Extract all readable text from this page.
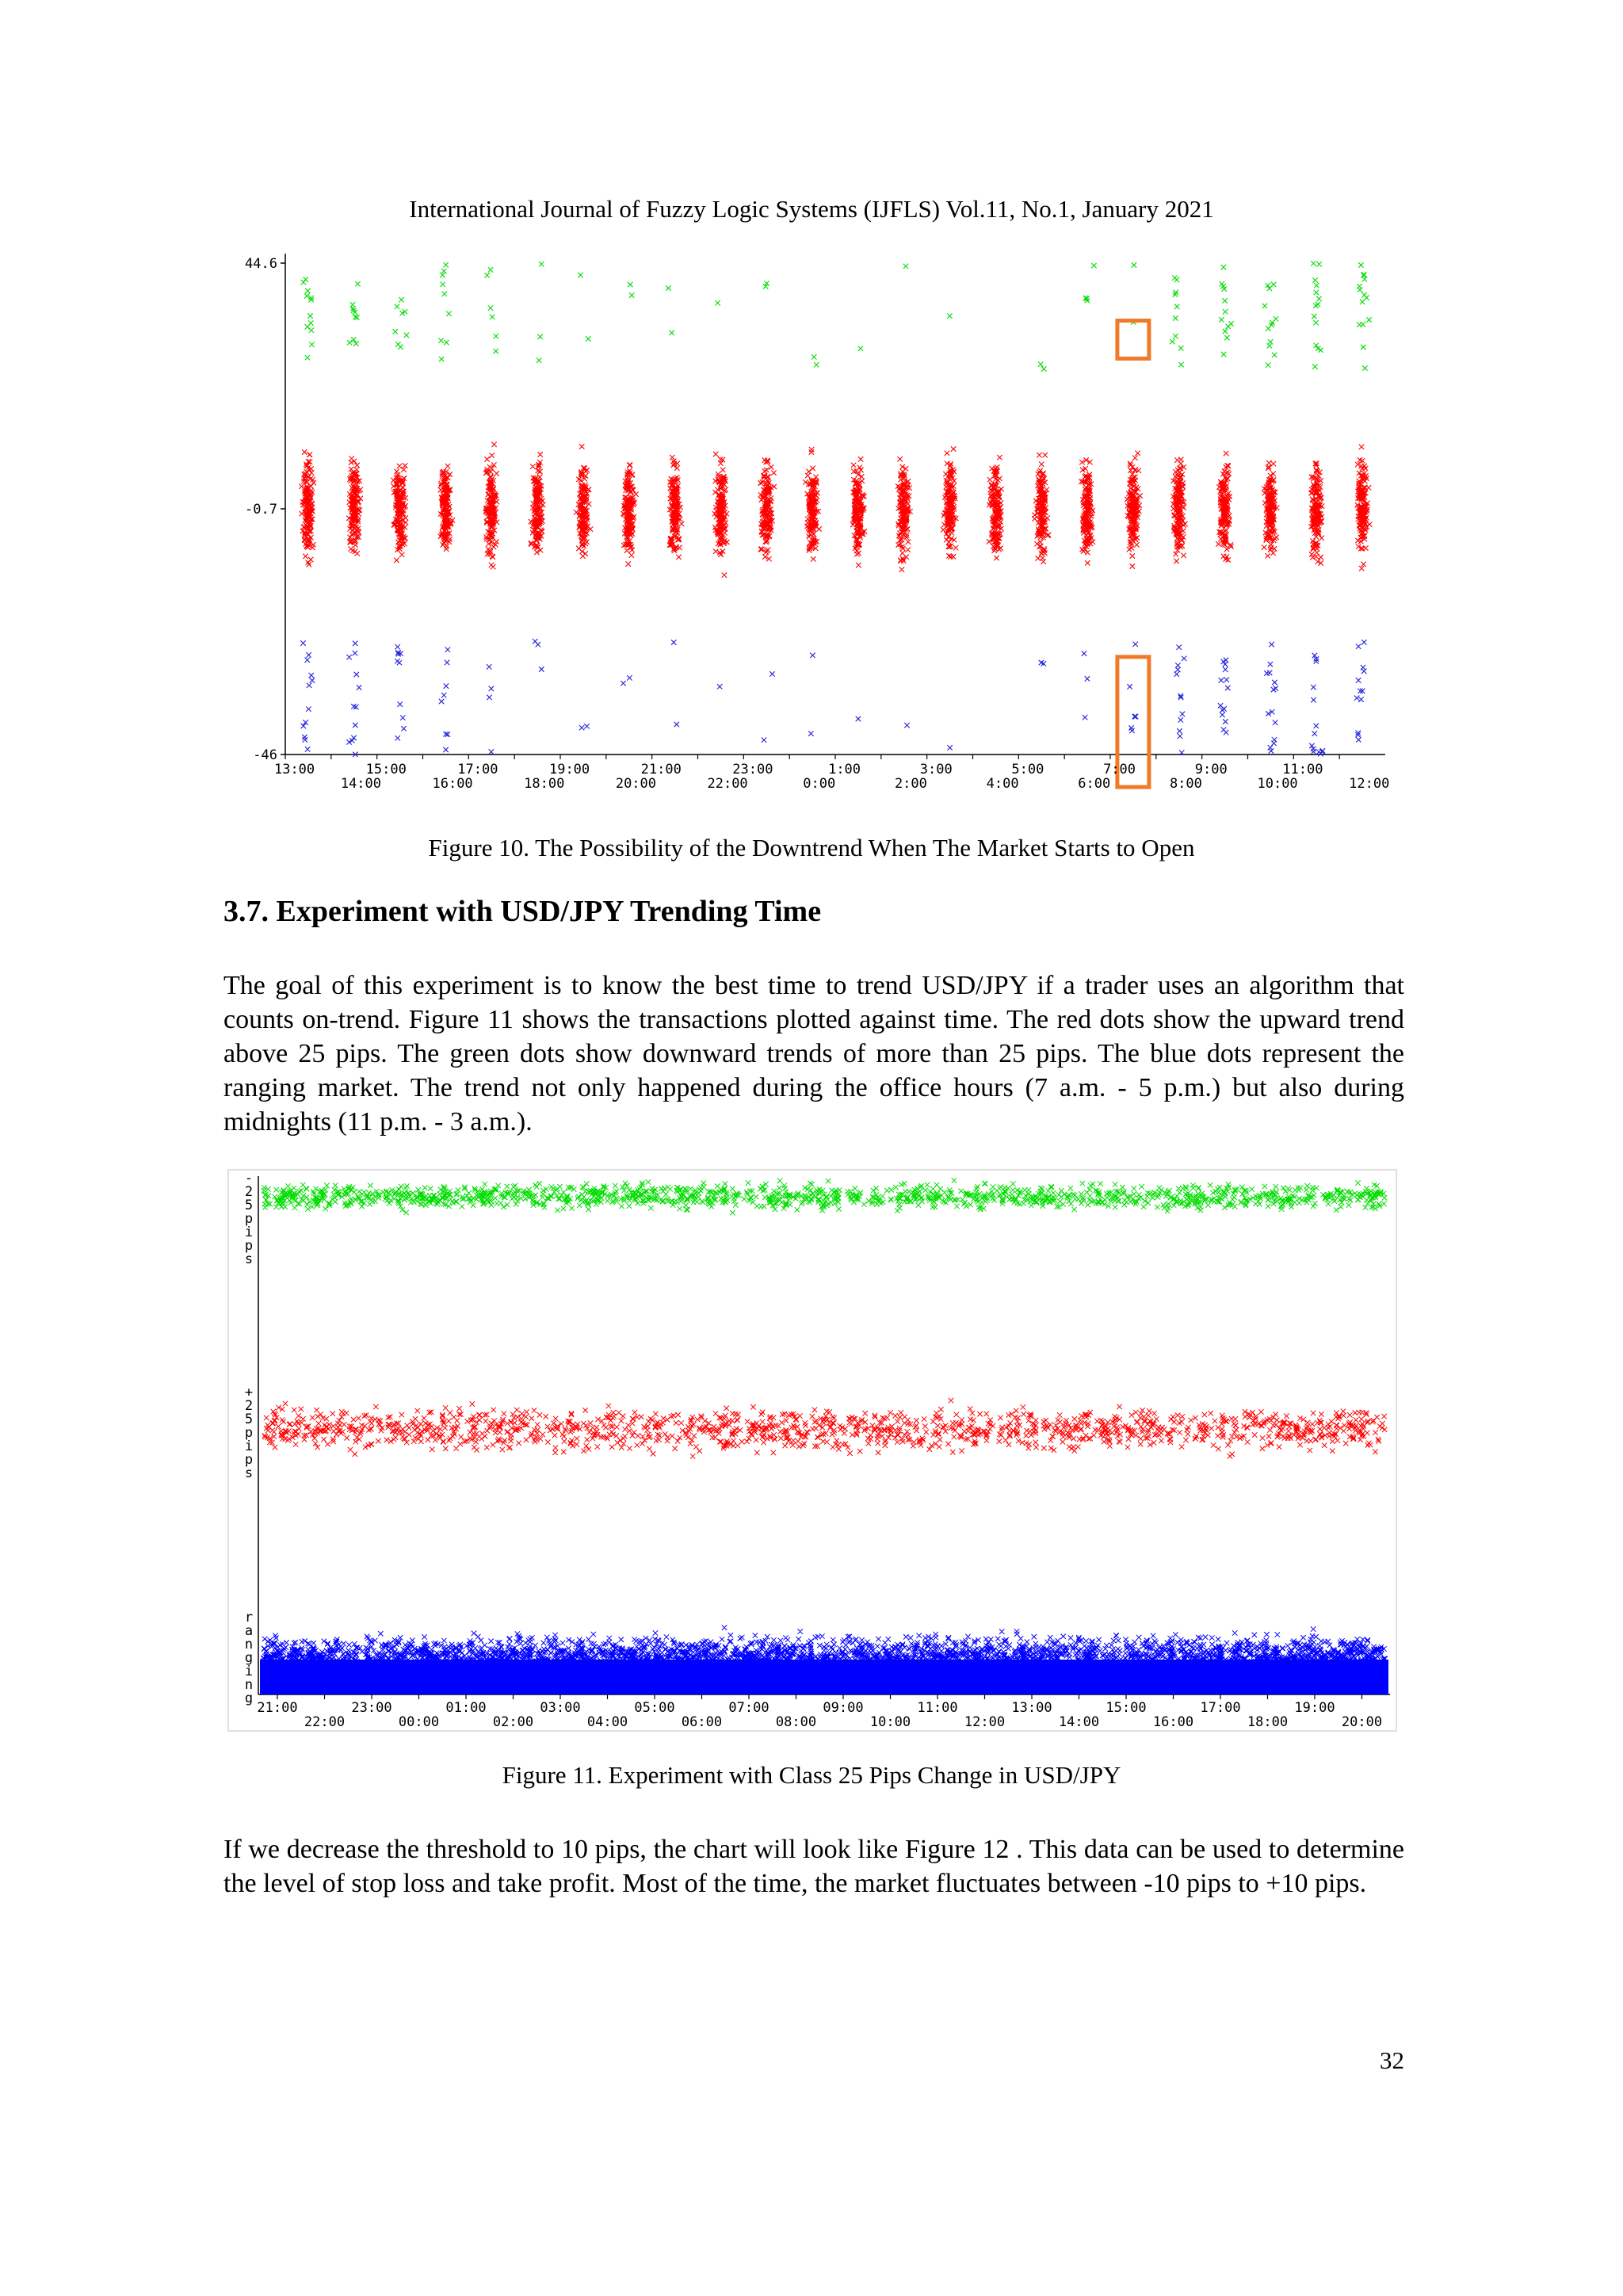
International Journal of Fuzzy Logic Systems (IJFLS) Vol.11, No.1, January 2021
44.6
-0.7
-46
13:00	15:00	17:00	19:00	21:00	23:00	1:00	3:00	5:00	7:00	9:00	11:00
14:00	16:00	18:00	20:00	22:00	0:00	2:00	4:00	6:00	8:00	10:00	12:00
Figure 10. The Possibility of the Downtrend When The Market Starts to Open
3.7. Experiment with USD/JPY Trending Time
The goal of this experiment is to know the best time to trend USD/JPY if a trader uses an algorithm that counts on-trend. Figure 11 shows the transactions plotted against time. The red dots show the upward trend above 25 pips. The green dots show downward trends of more than 25 pips. The blue dots represent the ranging market. The trend not only happened during the office hours (7 a.m. - 5 p.m.) but also during midnights (11 p.m. - 3 a.m.).
-2 5 p i p s
+ 2 5 p i p s
r a n g i n g
21:00	23:00	01:00	03:00	05:00	07:00	09:00	11:00	13:00	15:00	17:00	19:00
22:00	00:00	02:00	04:00	06:00	08:00	10:00	12:00	14:00	16:00	18:00	20:00
Figure 11. Experiment with Class 25 Pips Change in USD/JPY
If we decrease the threshold to 10 pips, the chart will look like Figure 12 . This data can be used to determine the level of stop loss and take profit. Most of the time, the market fluctuates between -10 pips to +10 pips.
32
